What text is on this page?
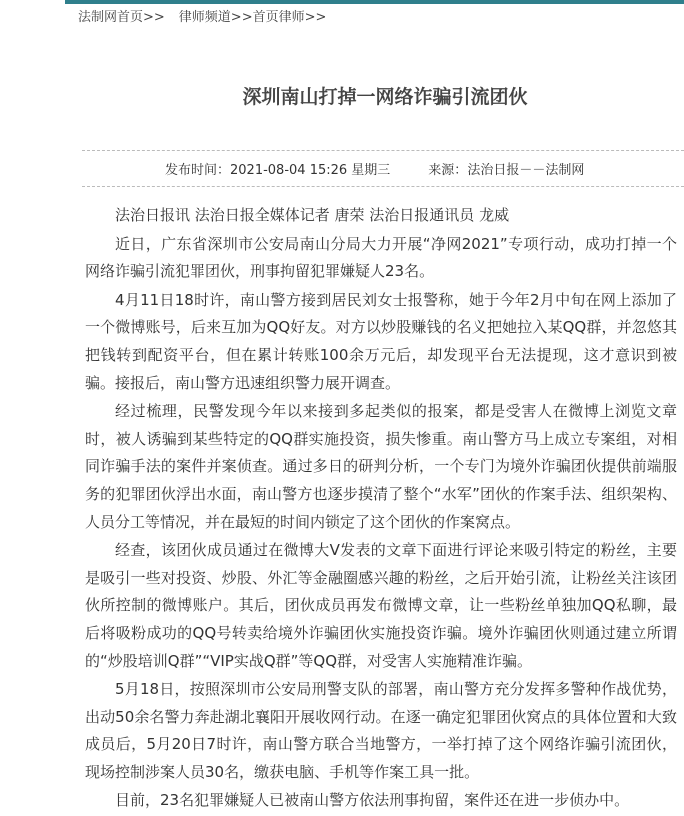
法制网首页>> 律师频道>>首页律师>>
深圳南山打掉一网络诈骗引流团伙
发布时间：2021-08-04 15:26 星期三	来源：法治日报－－法制网

法治日报讯 法治日报全媒体记者 唐荣 法治日报通讯员 龙威

近日，广东省深圳市公安局南山分局大力开展“净网2021”专项行动，成功打掉一个网络诈骗引流犯罪团伙，刑事拘留犯罪嫌疑人23名。

4月11日18时许，南山警方接到居民刘女士报警称，她于今年2月中旬在网上添加了一个微博账号，后来互加为QQ好友。对方以炒股赚钱的名义把她拉入某QQ群，并忽悠其把钱转到配资平台，但在累计转账100余万元后，却发现平台无法提现，这才意识到被骗。接报后，南山警方迅速组织警力展开调查。

经过梳理，民警发现今年以来接到多起类似的报案，都是受害人在微博上浏览文章时，被人诱骗到某些特定的QQ群实施投资，损失惨重。南山警方马上成立专案组，对相同诈骗手法的案件并案侦查。通过多日的研判分析，一个专门为境外诈骗团伙提供前端服务的犯罪团伙浮出水面，南山警方也逐步摸清了整个“水军”团伙的作案手法、组织架构、人员分工等情况，并在最短的时间内锁定了这个团伙的作案窝点。

经查，该团伙成员通过在微博大V发表的文章下面进行评论来吸引特定的粉丝，主要是吸引一些对投资、炒股、外汇等金融圈感兴趣的粉丝，之后开始引流，让粉丝关注该团伙所控制的微博账户。其后，团伙成员再发布微博文章，让一些粉丝单独加QQ私聊，最后将吸粉成功的QQ号转卖给境外诈骗团伙实施投资诈骗。境外诈骗团伙则通过建立所谓的“炒股培训Q群”“VIP实战Q群”等QQ群，对受害人实施精准诈骗。

5月18日，按照深圳市公安局刑警支队的部署，南山警方充分发挥多警种作战优势，出动50余名警力奔赴湖北襄阳开展收网行动。在逐一确定犯罪团伙窝点的具体位置和大致成员后，5月20日7时许，南山警方联合当地警方，一举打掉了这个网络诈骗引流团伙，现场控制涉案人员30名，缴获电脑、手机等作案工具一批。

目前，23名犯罪嫌疑人已被南山警方依法刑事拘留，案件还在进一步侦办中。
